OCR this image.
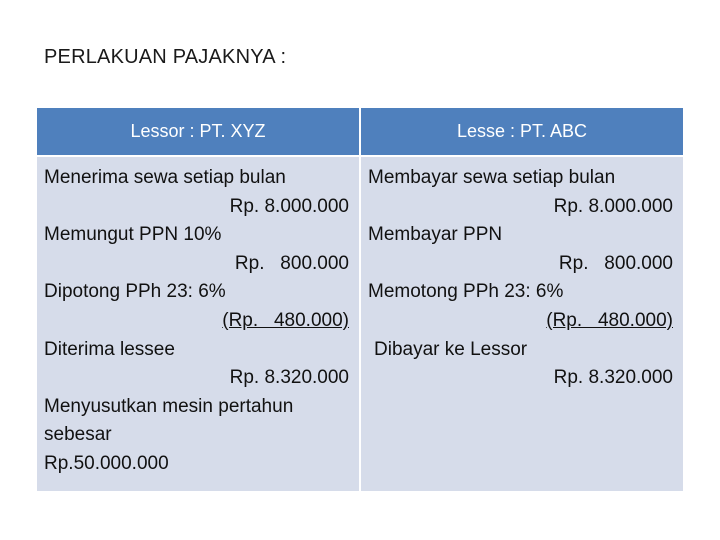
PERLAKUAN PAJAKNYA :
Lessor : PT. XYZ	Lesse : PT. ABC
Menerima sewa setiap bulan
Rp. 8.000.000
Memungut PPN 10%
Rp.   800.000
Dipotong PPh 23: 6%
(Rp.   480.000)
Diterima lessee
Rp. 8.320.000
Menyusutkan mesin pertahun
sebesar
Rp.50.000.000
Membayar sewa setiap bulan
Rp. 8.000.000
Membayar PPN
Rp.   800.000
Memotong PPh 23: 6%
(Rp.   480.000)
Dibayar ke Lessor
Rp. 8.320.000
